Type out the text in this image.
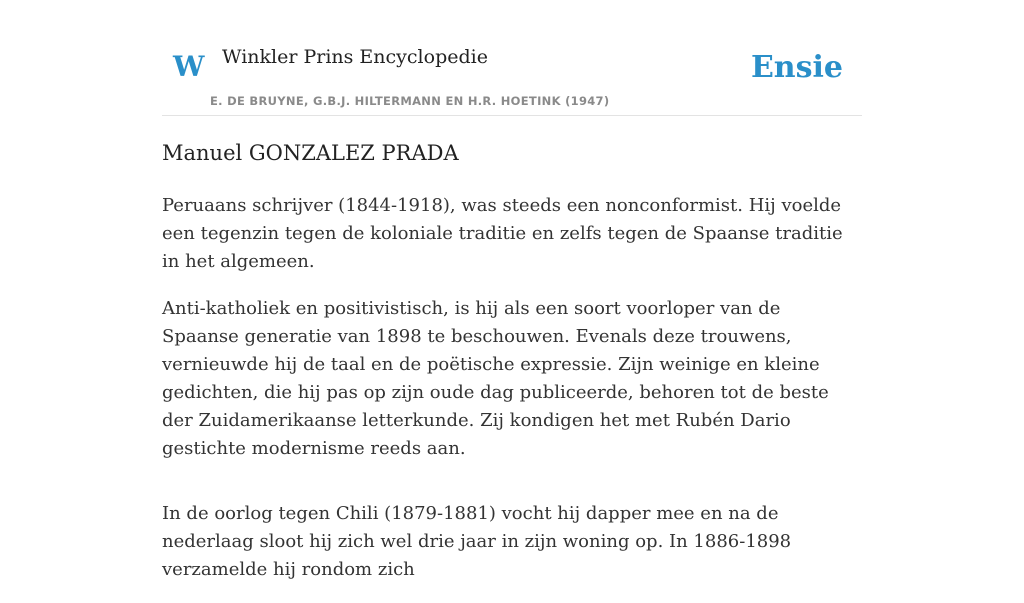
W Winkler Prins Encyclopedie
E. DE BRUYNE, G.B.J. HILTERMANN EN H.R. HOETINK (1947)
Ensie
Manuel GONZALEZ PRADA

Peruaans schrijver (1844-1918), was steeds een nonconformist. Hij voelde een tegenzin tegen de koloniale traditie en zelfs tegen de Spaanse traditie in het algemeen.

Anti-katholiek en positivistisch, is hij als een soort voorloper van de Spaanse generatie van 1898 te beschouwen. Evenals deze trouwens, vernieuwde hij de taal en de poëtische expressie. Zijn weinige en kleine gedichten, die hij pas op zijn oude dag publiceerde, behoren tot de beste der Zuidamerikaanse letterkunde. Zij kondigen het met Rubén Dario gestichte modernisme reeds aan.

In de oorlog tegen Chili (1879-1881) vocht hij dapper mee en na de nederlaag sloot hij zich wel drie jaar in zijn woning op. In 1886-1898 verzamelde hij rondom zich
